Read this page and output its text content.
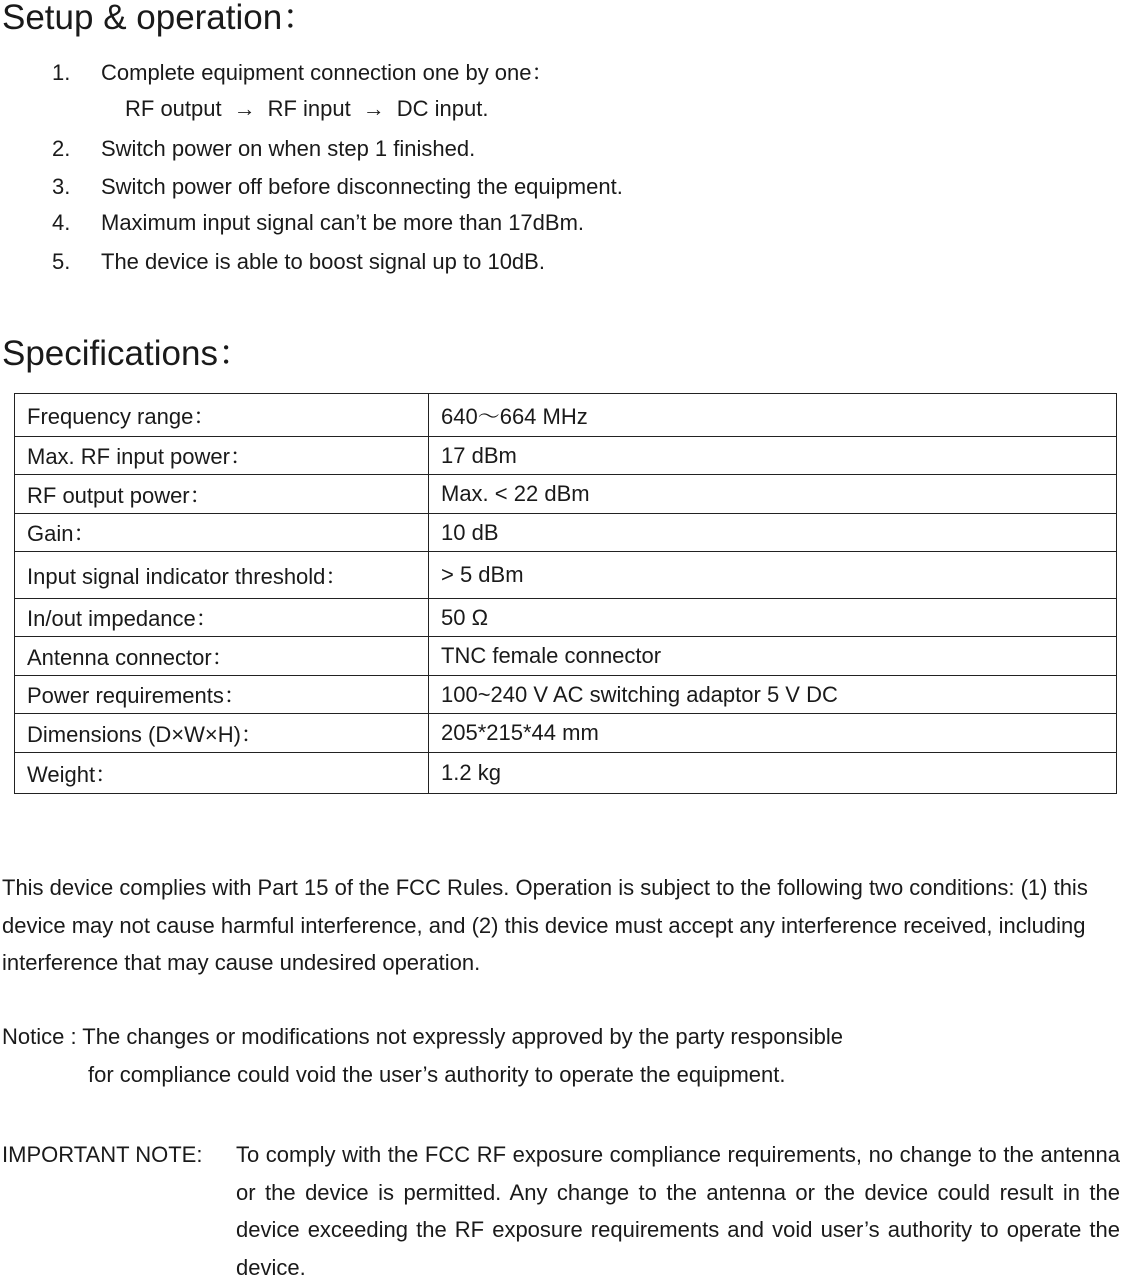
Setup & operation：
1. Complete equipment connection one by one：
RF output → RF input → DC input.
2. Switch power on when step 1 finished.
3. Switch power off before disconnecting the equipment.
4. Maximum input signal can’t be more than 17dBm.
5. The device is able to boost signal up to 10dB.
Specifications：
Frequency range：	640～664 MHz
Max. RF input power：	17 dBm
RF output power：	Max. < 22 dBm
Gain：	10 dB
Input signal indicator threshold：	> 5 dBm
In/out impedance：	50 Ω
Antenna connector：	TNC female connector
Power requirements：	100~240 V AC switching adaptor 5 V DC
Dimensions (D×W×H)：	205*215*44 mm
Weight：	1.2 kg
This device complies with Part 15 of the FCC Rules. Operation is subject to the following two conditions: (1) this device may not cause harmful interference, and (2) this device must accept any interference received, including interference that may cause undesired operation.
Notice : The changes or modifications not expressly approved by the party responsible
for compliance could void the user’s authority to operate the equipment.
IMPORTANT NOTE: To comply with the FCC RF exposure compliance requirements, no change to the antenna or the device is permitted. Any change to the antenna or the device could result in the device exceeding the RF exposure requirements and void user’s authority to operate the device.
